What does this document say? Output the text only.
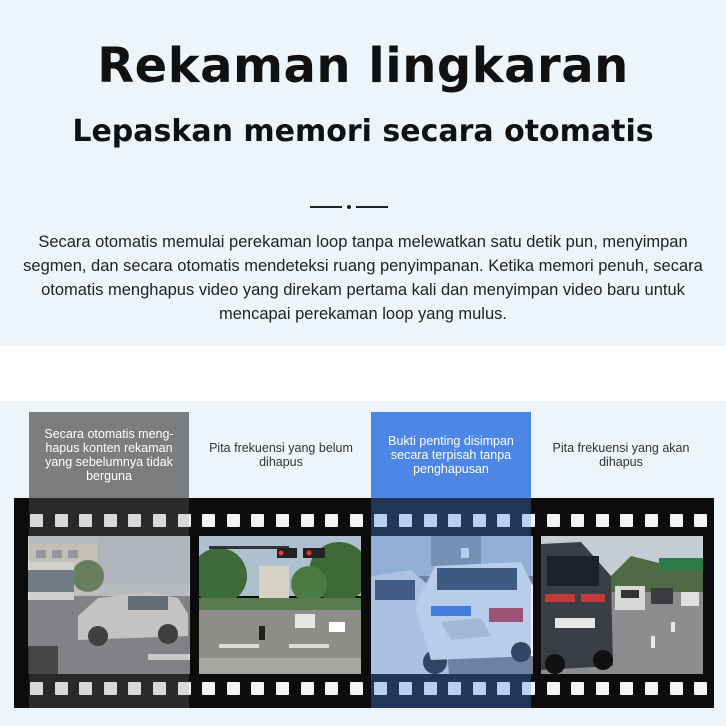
Rekaman lingkaran
Lepaskan memori secara otomatis
Secara otomatis memulai perekaman loop tanpa melewatkan satu detik pun, menyimpan segmen, dan secara otomatis mendeteksi ruang penyimpanan. Ketika memori penuh, secara otomatis menghapus video yang direkam pertama kali dan menyimpan video baru untuk mencapai perekaman loop yang mulus.
Secara otomatis meng-hapus konten rekaman yang sebelumnya tidak berguna
Pita frekuensi yang belum dihapus
Bukti penting disimpan secara terpisah tanpa penghapusan
Pita frekuensi yang akan dihapus
